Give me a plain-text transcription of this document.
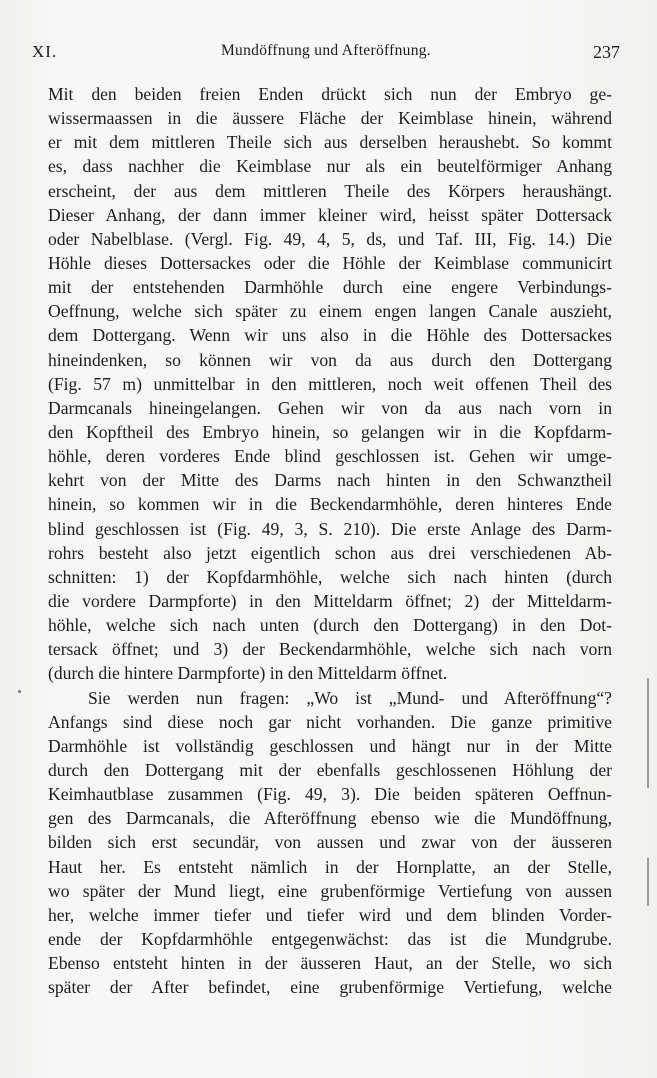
XI.	Mundöffnung und Afteröffnung.	237
Mit den beiden freien Enden drückt sich nun der Embryo ge-
wissermaassen in die äussere Fläche der Keimblase hinein, während
er mit dem mittleren Theile sich aus derselben heraushebt. So kommt
es, dass nachher die Keimblase nur als ein beutelförmiger Anhang
erscheint, der aus dem mittleren Theile des Körpers heraushängt.
Dieser Anhang, der dann immer kleiner wird, heisst später Dottersack
oder Nabelblase. (Vergl. Fig. 49, 4, 5, ds, und Taf. III, Fig. 14.) Die
Höhle dieses Dottersackes oder die Höhle der Keimblase communicirt
mit der entstehenden Darmhöhle durch eine engere Verbindungs-
Oeffnung, welche sich später zu einem engen langen Canale auszieht,
dem Dottergang. Wenn wir uns also in die Höhle des Dottersackes
hineindenken, so können wir von da aus durch den Dottergang
(Fig. 57 m) unmittelbar in den mittleren, noch weit offenen Theil des
Darmcanals hineingelangen. Gehen wir von da aus nach vorn in
den Kopftheil des Embryo hinein, so gelangen wir in die Kopfdarm-
höhle, deren vorderes Ende blind geschlossen ist. Gehen wir umge-
kehrt von der Mitte des Darms nach hinten in den Schwanztheil
hinein, so kommen wir in die Beckendarmhöhle, deren hinteres Ende
blind geschlossen ist (Fig. 49, 3, S. 210). Die erste Anlage des Darm-
rohrs besteht also jetzt eigentlich schon aus drei verschiedenen Ab-
schnitten: 1) der Kopfdarmhöhle, welche sich nach hinten (durch
die vordere Darmpforte) in den Mitteldarm öffnet; 2) der Mitteldarm-
höhle, welche sich nach unten (durch den Dottergang) in den Dot-
tersack öffnet; und 3) der Beckendarmhöhle, welche sich nach vorn
(durch die hintere Darmpforte) in den Mitteldarm öffnet.
Sie werden nun fragen: „Wo ist „Mund- und Afteröffnung“?
Anfangs sind diese noch gar nicht vorhanden. Die ganze primitive
Darmhöhle ist vollständig geschlossen und hängt nur in der Mitte
durch den Dottergang mit der ebenfalls geschlossenen Höhlung der
Keimhautblase zusammen (Fig. 49, 3). Die beiden späteren Oeffnun-
gen des Darmcanals, die Afteröffnung ebenso wie die Mundöffnung,
bilden sich erst secundär, von aussen und zwar von der äusseren
Haut her. Es entsteht nämlich in der Hornplatte, an der Stelle,
wo später der Mund liegt, eine grubenförmige Vertiefung von aussen
her, welche immer tiefer und tiefer wird und dem blinden Vorder-
ende der Kopfdarmhöhle entgegenwächst: das ist die Mundgrube.
Ebenso entsteht hinten in der äusseren Haut, an der Stelle, wo sich
später der After befindet, eine grubenförmige Vertiefung, welche
